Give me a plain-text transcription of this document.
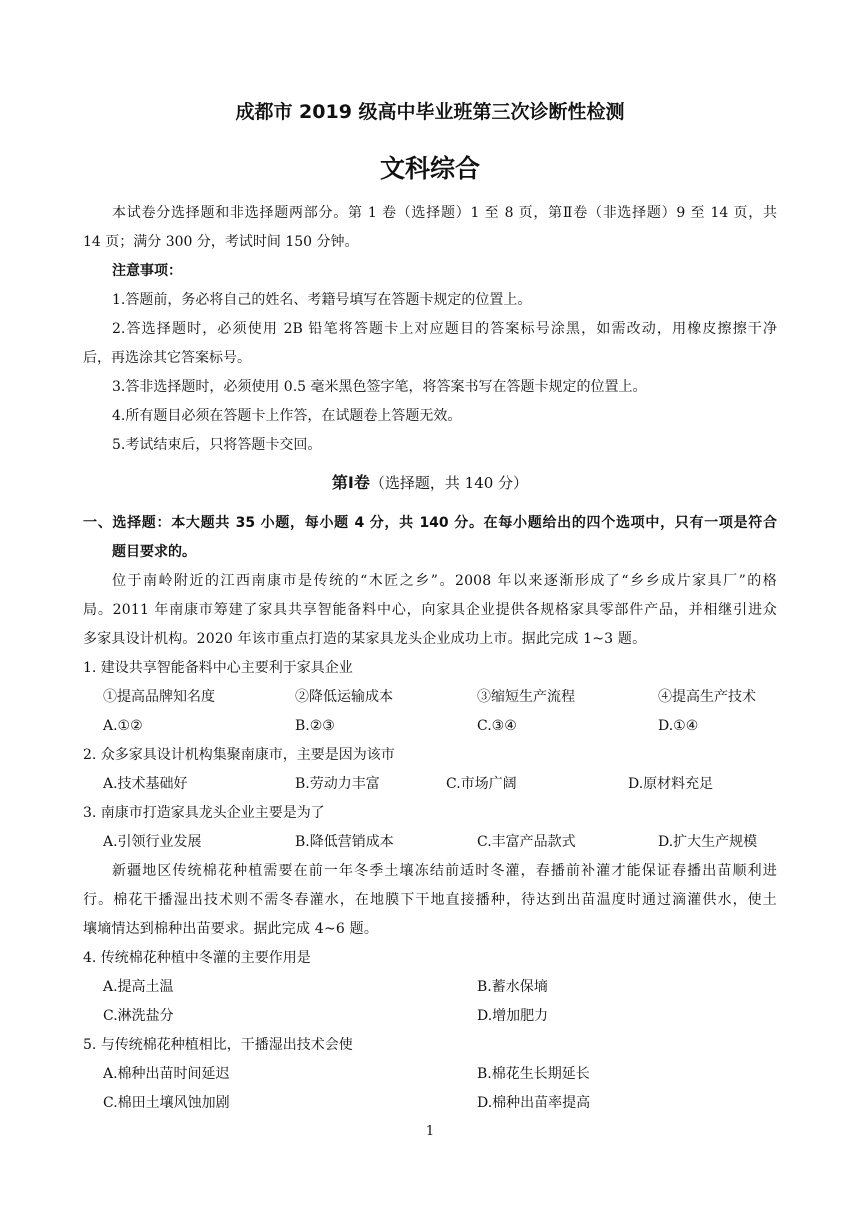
成都市 2019 级高中毕业班第三次诊断性检测
文科综合
本试卷分选择题和非选择题两部分。第 1 卷（选择题）1 至 8 页，第Ⅱ卷（非选择题）9 至 14 页，共
14 页；满分 300 分，考试时间 150 分钟。
注意事项：
1.答题前，务必将自己的姓名、考籍号填写在答题卡规定的位置上。
2.答选择题时，必须使用 2B 铅笔将答题卡上对应题目的答案标号涂黑，如需改动，用橡皮擦擦干净
后，再选涂其它答案标号。
3.答非选择题时，必须使用 0.5 毫米黑色签字笔，将答案书写在答题卡规定的位置上。
4.所有题目必须在答题卡上作答，在试题卷上答题无效。
5.考试结束后，只将答题卡交回。
第Ⅰ卷（选择题，共 140 分）
一、选择题：本大题共 35 小题，每小题 4 分，共 140 分。在每小题给出的四个选项中，只有一项是符合
题目要求的。
位于南岭附近的江西南康市是传统的“木匠之乡”。2008 年以来逐渐形成了“乡乡成片家具厂”的格
局。2011 年南康市筹建了家具共享智能备料中心，向家具企业提供各规格家具零部件产品，并相继引进众
多家具设计机构。2020 年该市重点打造的某家具龙头企业成功上市。据此完成 1~3 题。
1. 建设共享智能备料中心主要利于家具企业
①提高品牌知名度	②降低运输成本	③缩短生产流程	④提高生产技术
A.①②	B.②③	C.③④	D.①④
2. 众多家具设计机构集聚南康市，主要是因为该市
A.技术基础好	B.劳动力丰富	C.市场广阔	D.原材料充足
3. 南康市打造家具龙头企业主要是为了
A.引领行业发展	B.降低营销成本	C.丰富产品款式	D.扩大生产规模
新疆地区传统棉花种植需要在前一年冬季土壤冻结前适时冬灌，春播前补灌才能保证春播出苗顺利进
行。棉花干播湿出技术则不需冬春灌水，在地膜下干地直接播种，待达到出苗温度时通过滴灌供水，使土
壤墒情达到棉种出苗要求。据此完成 4~6 题。
4. 传统棉花种植中冬灌的主要作用是
A.提高土温	B.蓄水保墒
C.淋洗盐分	D.增加肥力
5. 与传统棉花种植相比，干播湿出技术会使
A.棉种出苗时间延迟	B.棉花生长期延长
C.棉田土壤风蚀加剧	D.棉种出苗率提高
1
